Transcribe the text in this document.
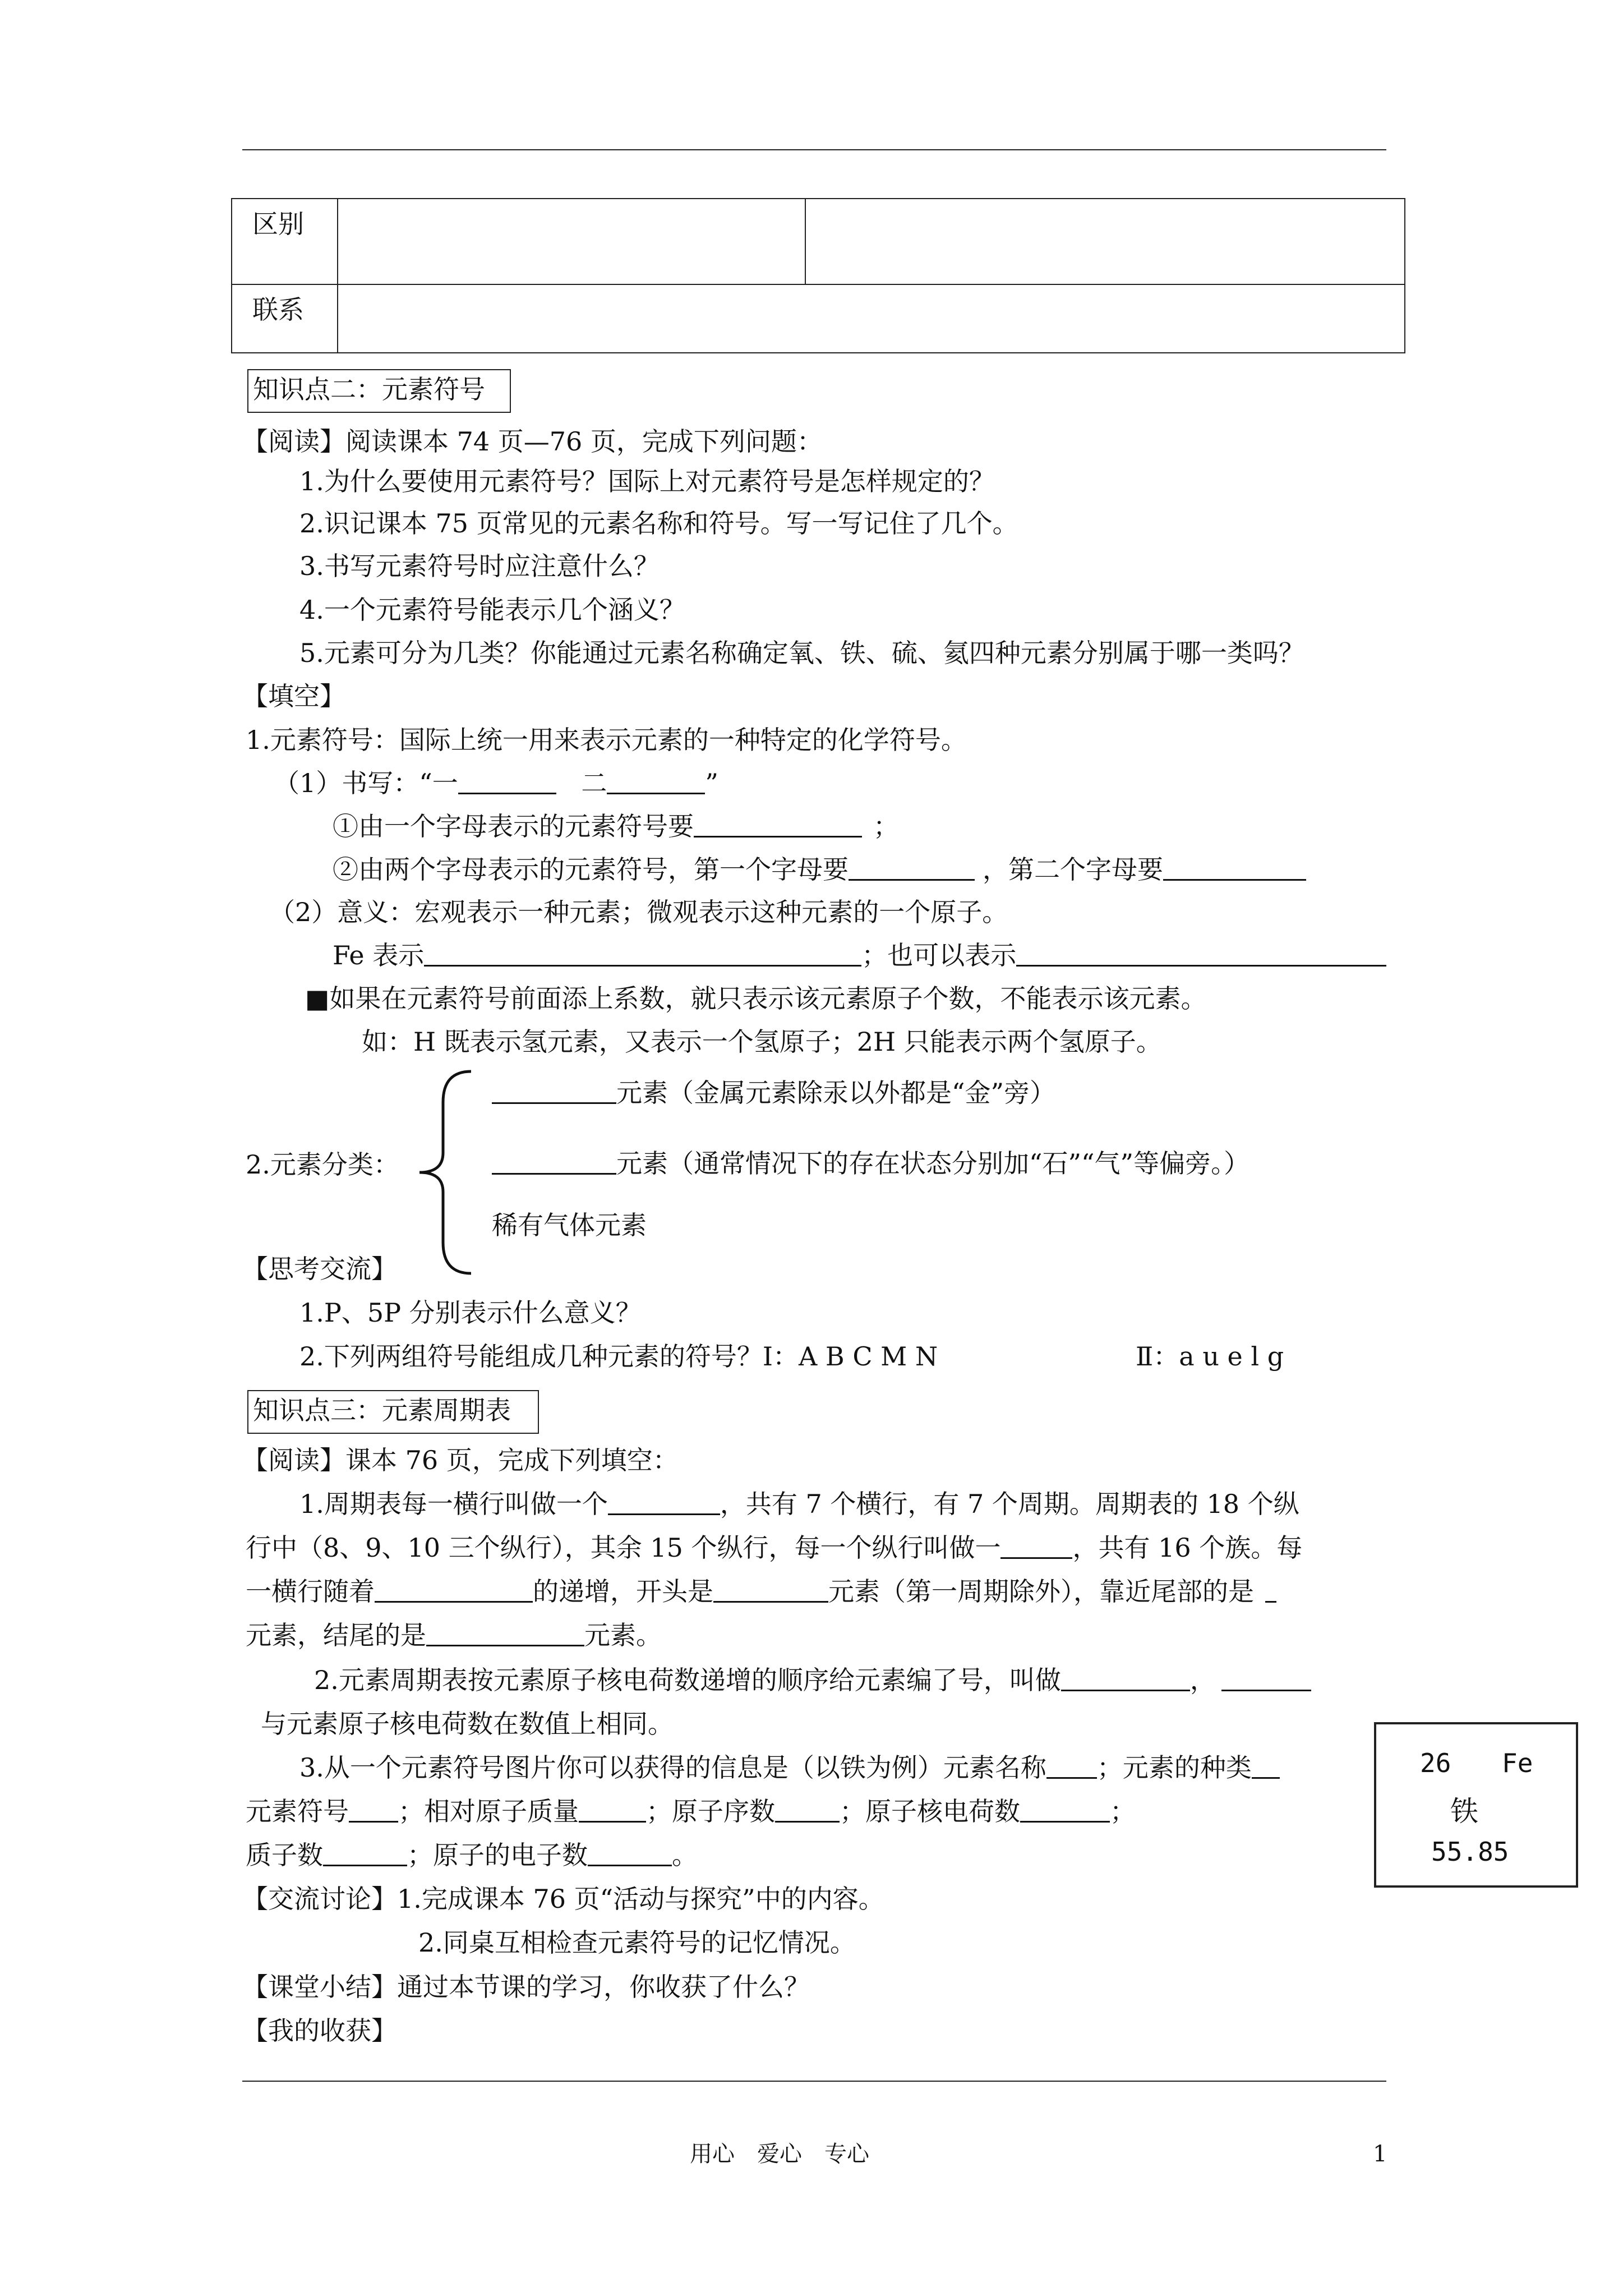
区别		
联系		
知识点二：元素符号
【阅读】阅读课本 74 页—76 页，完成下列问题：
1.为什么要使用元素符号？国际上对元素符号是怎样规定的？
2.识记课本 75 页常见的元素名称和符号。写一写记住了几个。
3.书写元素符号时应注意什么？
4.一个元素符号能表示几个涵义？
5.元素可分为几类？你能通过元素名称确定氧、铁、硫、氦四种元素分别属于哪一类吗？
【填空】
1.元素符号：国际上统一用来表示元素的一种特定的化学符号。
（1）书写：“一	二	”
①由一个字母表示的元素符号要	；
②由两个字母表示的元素符号，第一个字母要	，第二个字母要
（2）意义：宏观表示一种元素；微观表示这种元素的一个原子。
Fe 表示	；也可以表示
■如果在元素符号前面添上系数，就只表示该元素原子个数，不能表示该元素。
如：H 既表示氢元素，又表示一个氢原子；2H 只能表示两个氢原子。
2.元素分类：
元素（金属元素除汞以外都是“金”旁）
元素（通常情况下的存在状态分别加“石”“气”等偏旁。）
稀有气体元素
【思考交流】
1.P、5P 分别表示什么意义？
2.下列两组符号能组成几种元素的符号？Ⅰ：A B C M N	Ⅱ：a u e l g
知识点三：元素周期表
【阅读】课本 76 页，完成下列填空：
1.周期表每一横行叫做一个	，共有 7 个横行，有 7 个周期。周期表的 18 个纵
行中（8、9、10 三个纵行），其余 15 个纵行，每一个纵行叫做一	，共有 16 个族。每
一横行随着	的递增，开头是	元素（第一周期除外），靠近尾部的是
元素，结尾的是	元素。
2.元素周期表按元素原子核电荷数递增的顺序给元素编了号，叫做	，
与元素原子核电荷数在数值上相同。
3.从一个元素符号图片你可以获得的信息是（以铁为例）元素名称 ；元素的种类
元素符号 ；相对原子质量	；原子序数	；原子核电荷数	；
质子数	；原子的电子数	。
26 Fe
铁
55.85
【交流讨论】1.完成课本 76 页“活动与探究”中的内容。
2.同桌互相检查元素符号的记忆情况。
【课堂小结】通过本节课的学习，你收获了什么？
【我的收获】
用心　爱心　专心	1
